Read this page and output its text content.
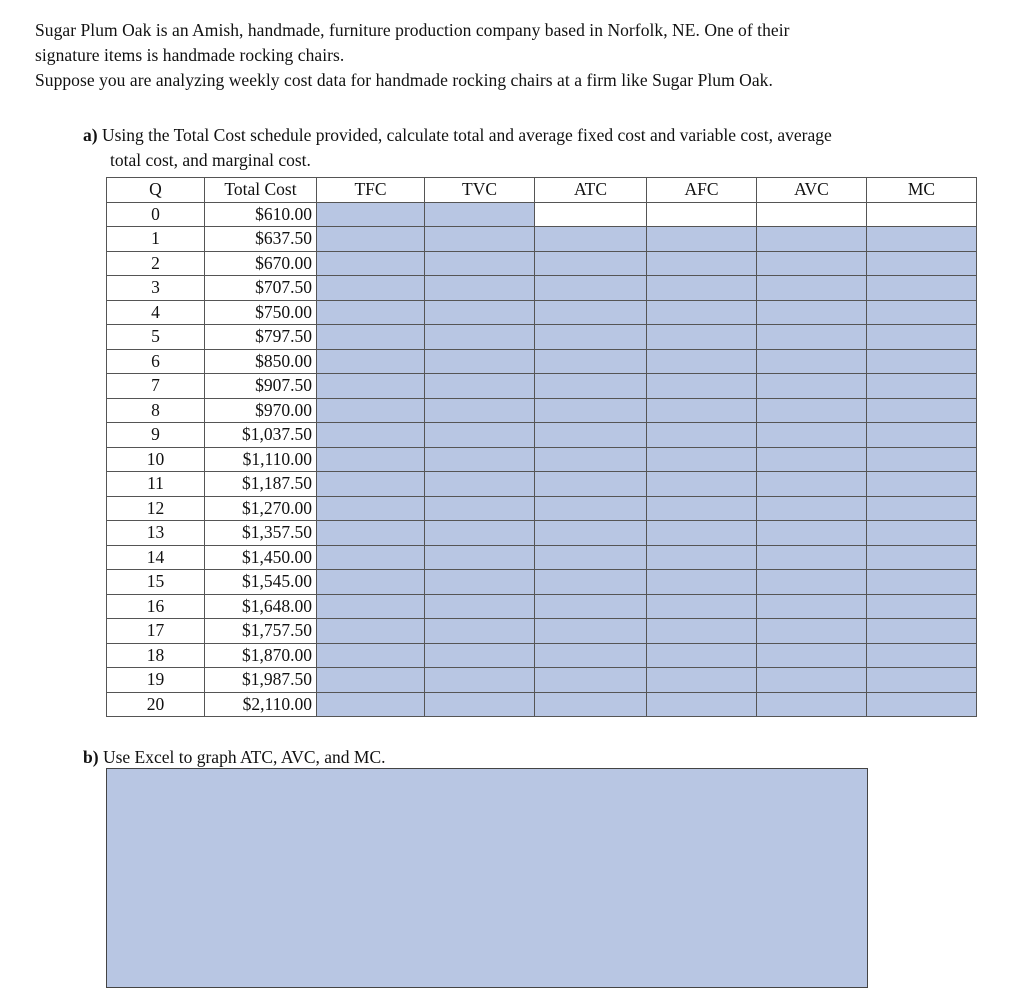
Sugar Plum Oak is an Amish, handmade, furniture production company based in Norfolk, NE. One of their

signature items is handmade rocking chairs.

Suppose you are analyzing weekly cost data for handmade rocking chairs at a firm like Sugar Plum Oak.

a) Using the Total Cost schedule provided, calculate total and average fixed cost and variable cost, average
total cost, and marginal cost.
Q	Total Cost	TFC	TVC	ATC	AFC	AVC	MC
0	$610.00						
1	$637.50						
2	$670.00						
3	$707.50						
4	$750.00						
5	$797.50						
6	$850.00						
7	$907.50						
8	$970.00						
9	$1,037.50						
10	$1,110.00						
11	$1,187.50						
12	$1,270.00						
13	$1,357.50						
14	$1,450.00						
15	$1,545.00						
16	$1,648.00						
17	$1,757.50						
18	$1,870.00						
19	$1,987.50						
20	$2,110.00						
b) Use Excel to graph ATC, AVC, and MC.
